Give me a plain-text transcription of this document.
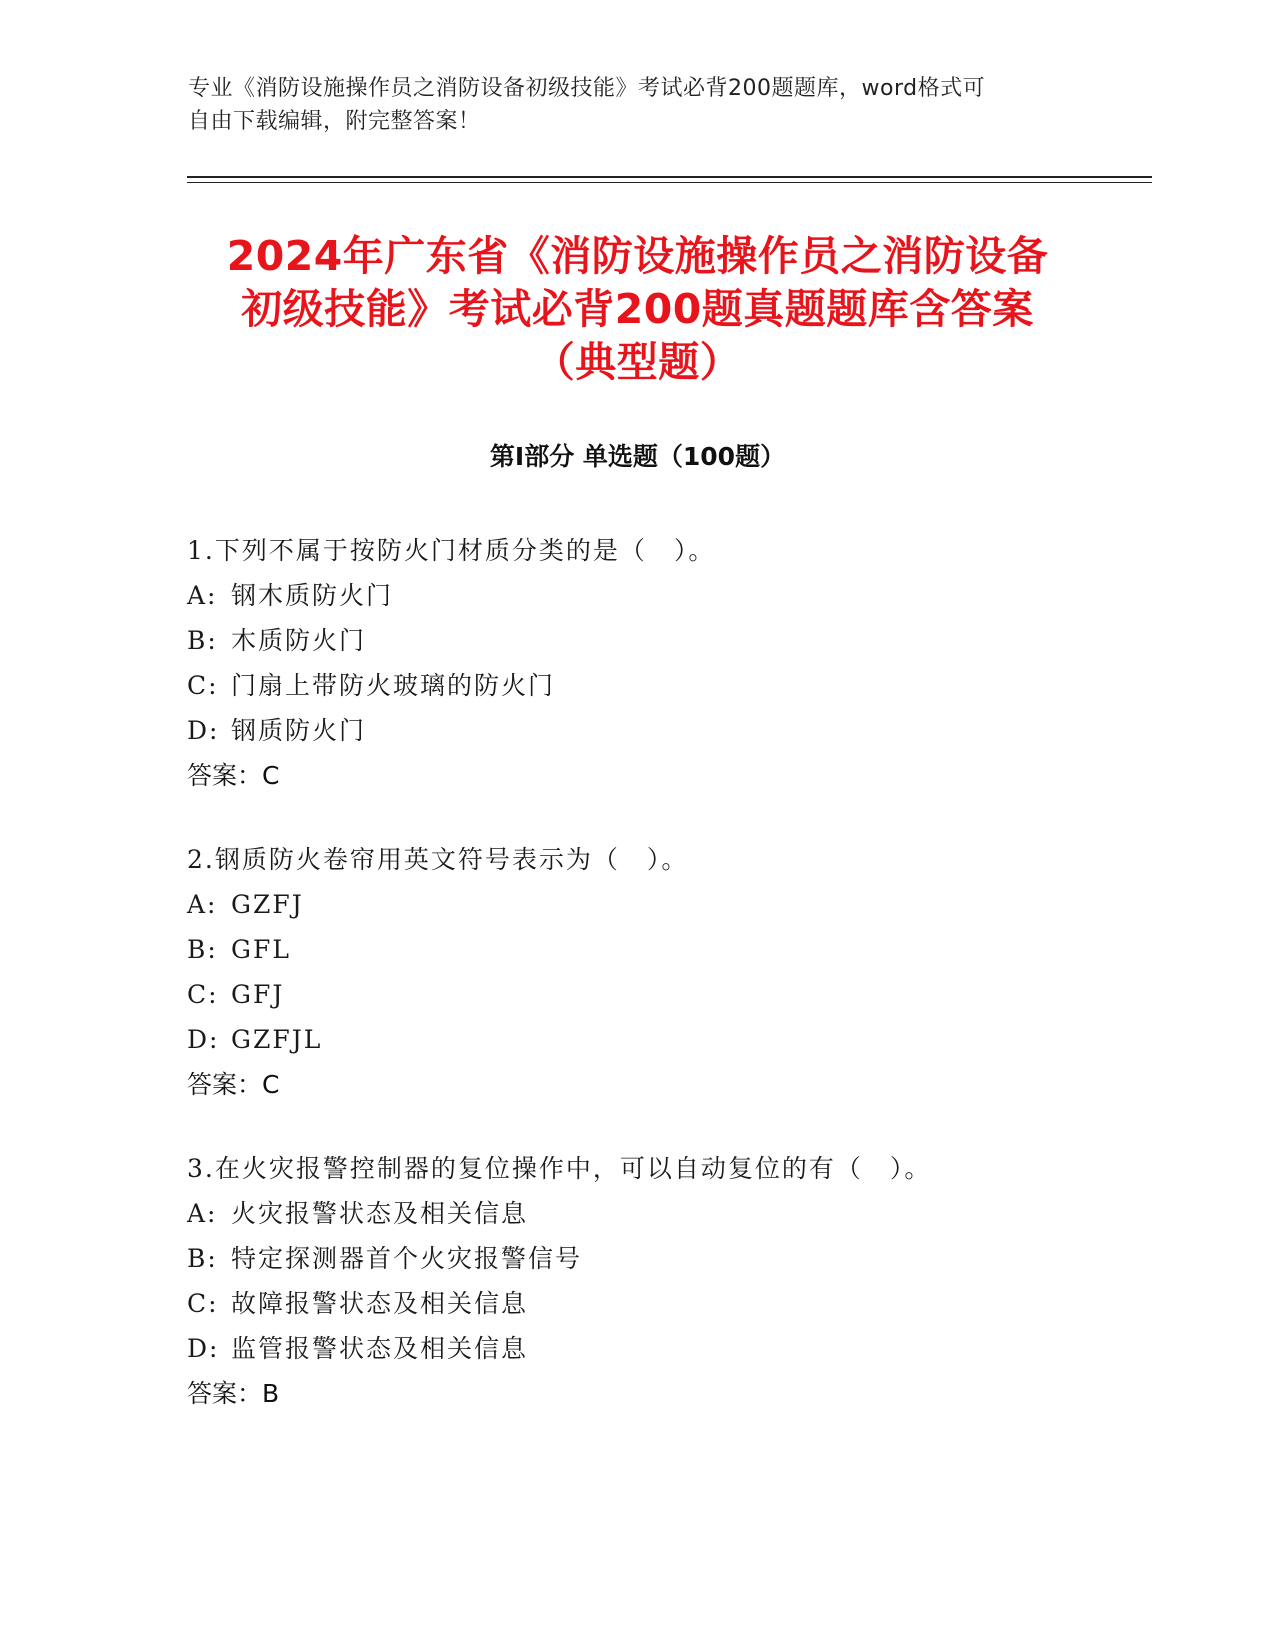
专业《消防设施操作员之消防设备初级技能》考试必背200题题库，word格式可
自由下载编辑，附完整答案！
2024年广东省《消防设施操作员之消防设备
初级技能》考试必背200题真题题库含答案
（典型题）
第I部分 单选题（100题）
1.下列不属于按防火门材质分类的是（　）。
A: 钢木质防火门
B: 木质防火门
C: 门扇上带防火玻璃的防火门
D: 钢质防火门
答案：C
2.钢质防火卷帘用英文符号表示为（　）。
A: GZFJ
B: GFL
C: GFJ
D: GZFJL
答案：C
3.在火灾报警控制器的复位操作中，可以自动复位的有（　）。
A: 火灾报警状态及相关信息
B: 特定探测器首个火灾报警信号
C: 故障报警状态及相关信息
D: 监管报警状态及相关信息
答案：B
